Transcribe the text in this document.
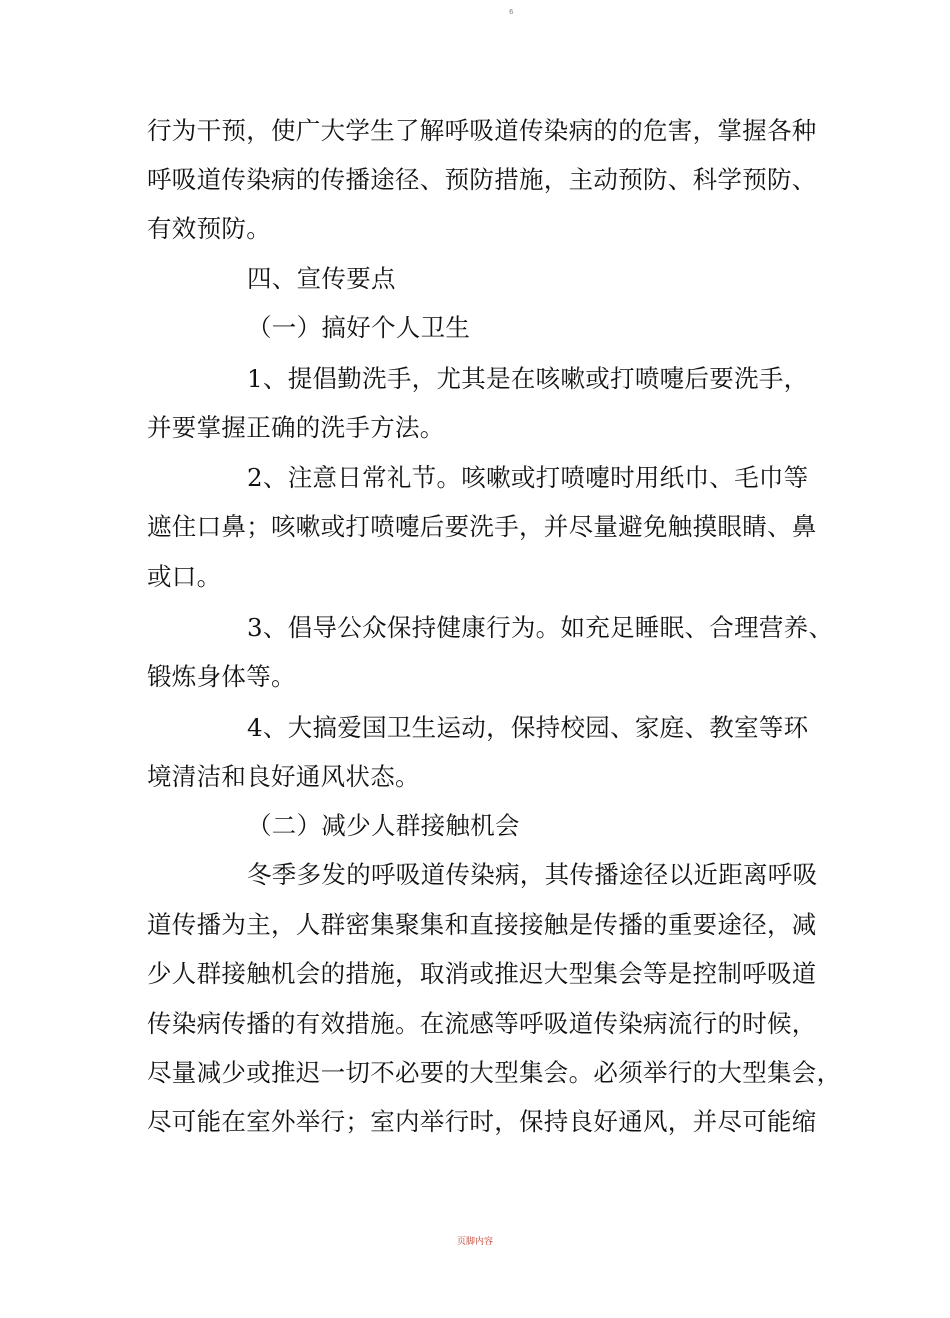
6
行为干预，使广大学生了解呼吸道传染病的的危害，掌握各种
呼吸道传染病的传播途径、预防措施，主动预防、科学预防、
有效预防。
四、宣传要点
（一）搞好个人卫生
1、提倡勤洗手，尤其是在咳嗽或打喷嚏后要洗手，
并要掌握正确的洗手方法。
2、注意日常礼节。咳嗽或打喷嚏时用纸巾、毛巾等
遮住口鼻；咳嗽或打喷嚏后要洗手，并尽量避免触摸眼睛、鼻
或口。
3、倡导公众保持健康行为。如充足睡眠、合理营养、
锻炼身体等。
4、大搞爱国卫生运动，保持校园、家庭、教室等环
境清洁和良好通风状态。
（二）减少人群接触机会
冬季多发的呼吸道传染病，其传播途径以近距离呼吸
道传播为主，人群密集聚集和直接接触是传播的重要途径，减
少人群接触机会的措施，取消或推迟大型集会等是控制呼吸道
传染病传播的有效措施。在流感等呼吸道传染病流行的时候，
尽量减少或推迟一切不必要的大型集会。必须举行的大型集会，
尽可能在室外举行；室内举行时，保持良好通风，并尽可能缩
页脚内容
